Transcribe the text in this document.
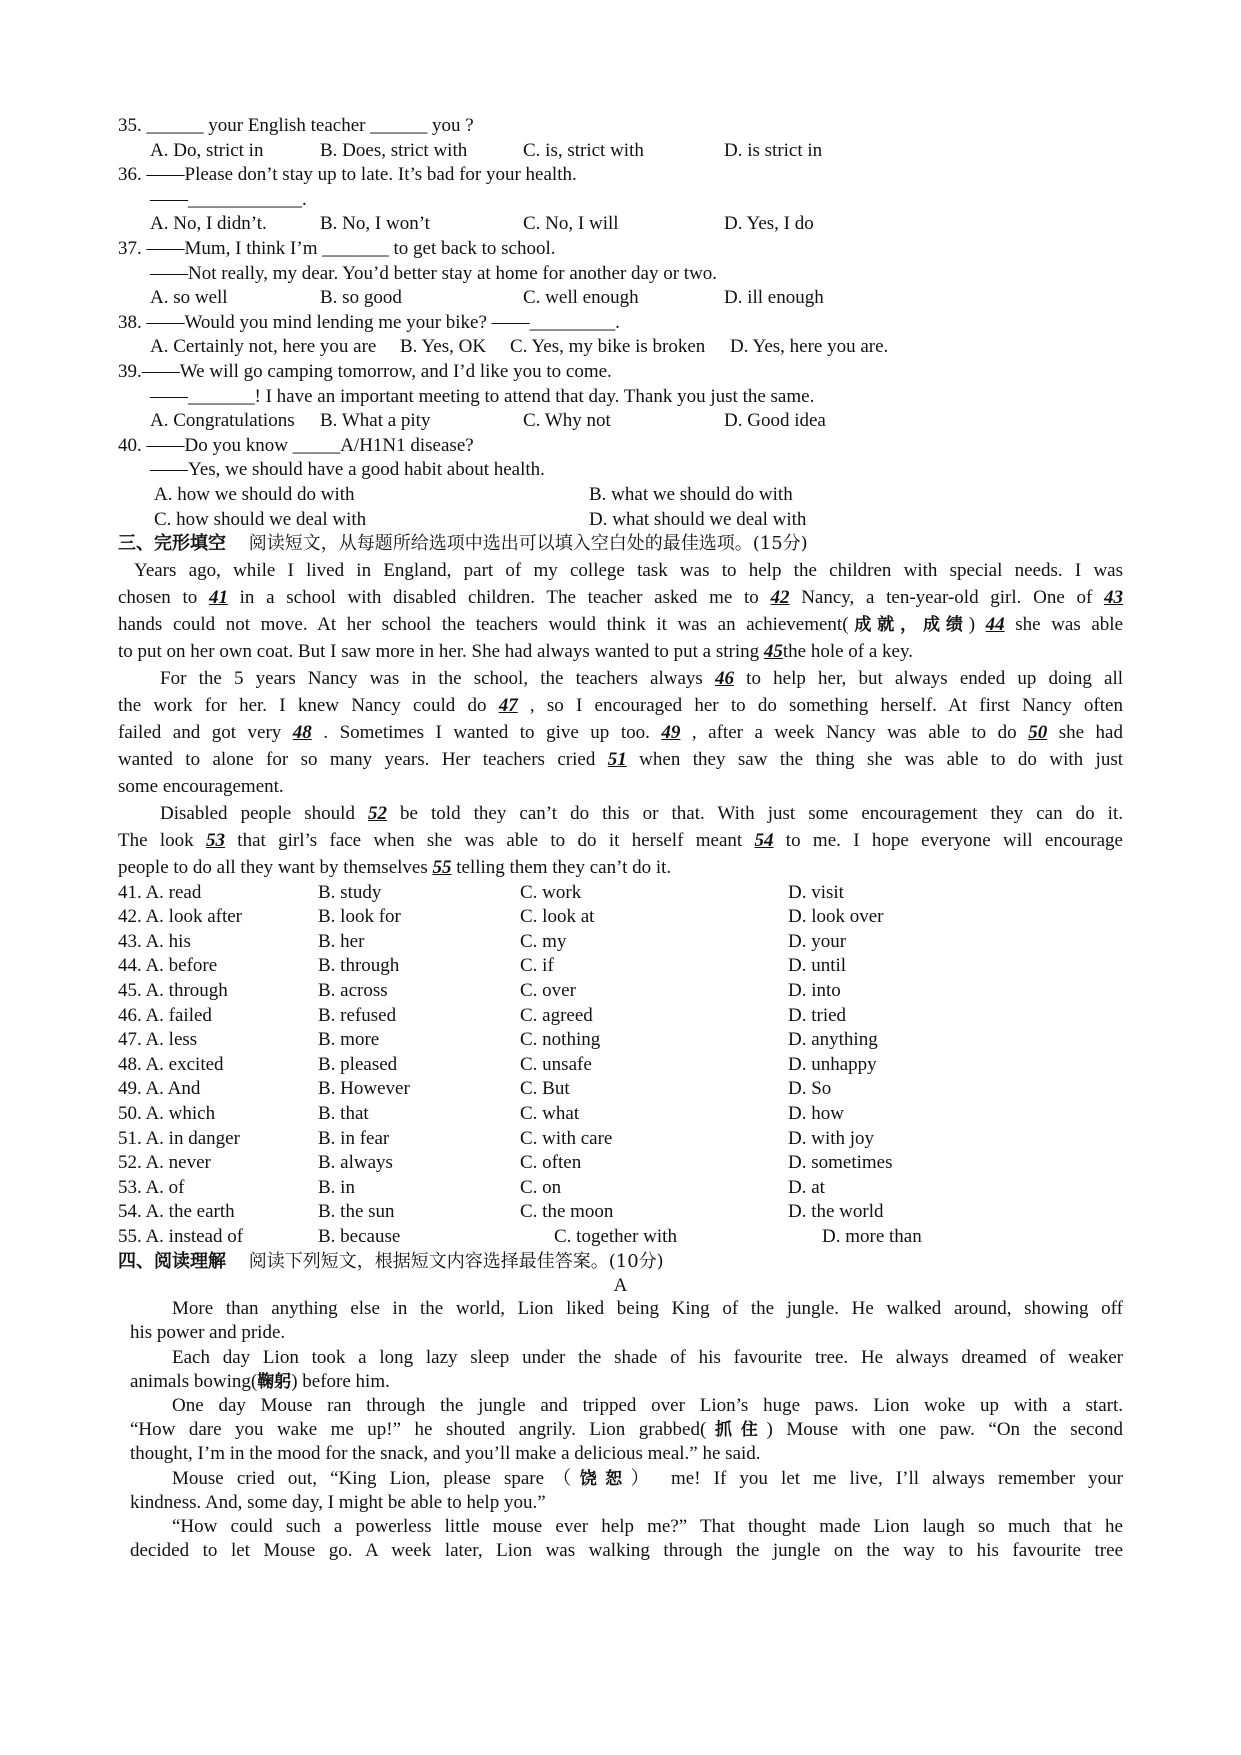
35. ______ your English teacher ______ you ?
A. Do, strict in	B. Does, strict with	C. is, strict with	D. is strict in
36. ——Please don’t stay up to late. It’s bad for your health.
——____________.
A. No, I didn’t.	B. No, I won’t	C. No, I will	D. Yes, I do
37. ——Mum, I think I’m _______ to get back to school.
——Not really, my dear. You’d better stay at home for another day or two.
A. so well	B. so good	C. well enough	D. ill enough
38. ——Would you mind lending me your bike? ——_________.
A. Certainly not, here you are	B. Yes, OK	C. Yes, my bike is broken	D. Yes, here you are.
39.——We will go camping tomorrow, and I’d like you to come.
——_______! I have an important meeting to attend that day. Thank you just the same.
A. Congratulations	B. What a pity	C. Why not	D. Good idea
40. ——Do you know _____A/H1N1 disease?
——Yes, we should have a good habit about health.
A. how we should do with	B. what we should do with
C. how should we deal with	D. what should we deal with
三、完形填空 阅读短文，从每题所给选项中选出可以填入空白处的最佳选项。(15分)
Years ago, while I lived in England, part of my college task was to help the children with special needs. I was
chosen to 41 in a school with disabled children. The teacher asked me to 42 Nancy, a ten-year-old girl. One of 43
hands could not move. At her school the teachers would think it was an achievement(成就，成绩) 44 she was able
to put on her own coat. But I saw more in her. She had always wanted to put a string 45the hole of a key.
For the 5 years Nancy was in the school, the teachers always 46 to help her, but always ended up doing all
the work for her. I knew Nancy could do 47 , so I encouraged her to do something herself. At first Nancy often
failed and got very 48 . Sometimes I wanted to give up too. 49 , after a week Nancy was able to do 50 she had
wanted to alone for so many years. Her teachers cried 51 when they saw the thing she was able to do with just
some encouragement.
Disabled people should 52 be told they can’t do this or that. With just some encouragement they can do it.
The look 53 that girl’s face when she was able to do it herself meant 54 to me. I hope everyone will encourage
people to do all they want by themselves 55 telling them they can’t do it.
41. A. read	B. study	C. work	D. visit
42. A. look after	B. look for	C. look at	D. look over
43. A. his	B. her	C. my	D. your
44. A. before	B. through	C. if	D. until
45. A. through	B. across	C. over	D. into
46. A. failed	B. refused	C. agreed	D. tried
47. A. less	B. more	C. nothing	D. anything
48. A. excited	B. pleased	C. unsafe	D. unhappy
49. A. And	B. However	C. But	D. So
50. A. which	B. that	C. what	D. how
51. A. in danger	B. in fear	C. with care	D. with joy
52. A. never	B. always	C. often	D. sometimes
53. A. of	B. in	C. on	D. at
54. A. the earth	B. the sun	C. the moon	D. the world
55. A. instead of	B. because	C. together with	D. more than
四、阅读理解 阅读下列短文，根据短文内容选择最佳答案。(10分)
A
More than anything else in the world, Lion liked being King of the jungle. He walked around, showing off
his power and pride.
Each day Lion took a long lazy sleep under the shade of his favourite tree. He always dreamed of weaker
animals bowing(鞠躬) before him.
One day Mouse ran through the jungle and tripped over Lion’s huge paws. Lion woke up with a start.
“How dare you wake me up!” he shouted angrily. Lion grabbed(抓住) Mouse with one paw. “On the second
thought, I’m in the mood for the snack, and you’ll make a delicious meal.” he said.
Mouse cried out, “King Lion, please spare（饶恕） me! If you let me live, I’ll always remember your
kindness. And, some day, I might be able to help you.”
“How could such a powerless little mouse ever help me?” That thought made Lion laugh so much that he
decided to let Mouse go. A week later, Lion was walking through the jungle on the way to his favourite tree
